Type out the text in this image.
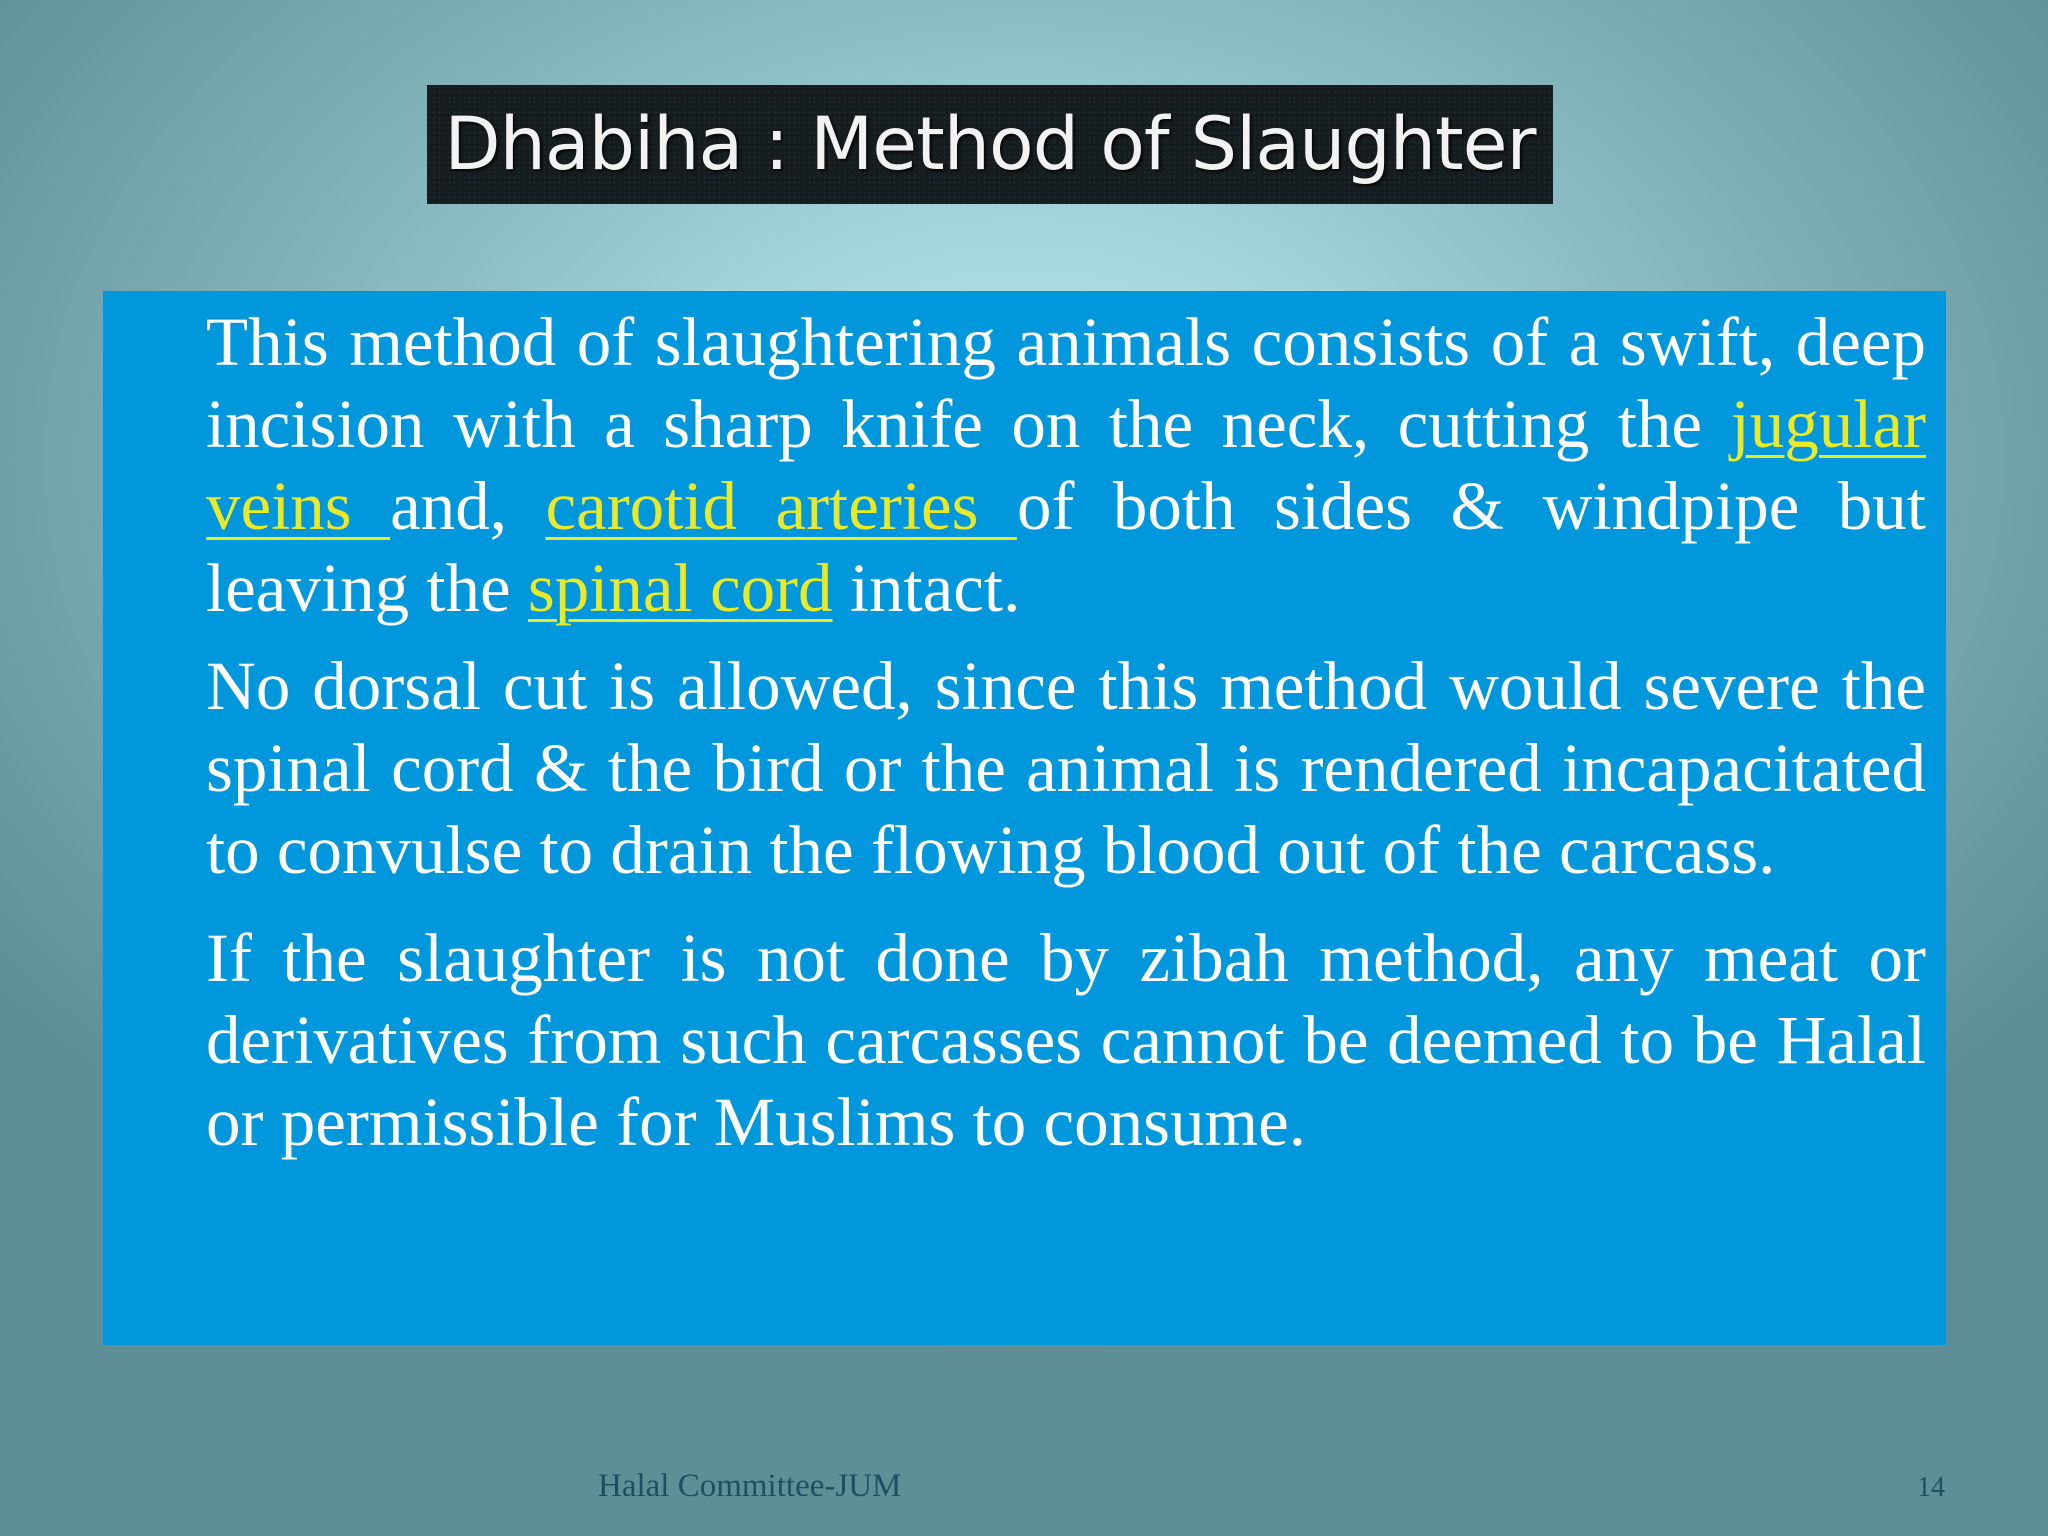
Dhabiha : Method of Slaughter

This method of slaughtering animals consists of a swift, deep incision with a sharp knife on the neck, cutting the jugular veins and, carotid arteries of both sides & windpipe but leaving the spinal cord intact.

No dorsal cut is allowed, since this method would severe the spinal cord & the bird or the animal is rendered incapacitated to convulse to drain the flowing blood out of the carcass.

If the slaughter is not done by zibah method, any meat or derivatives from such carcasses cannot be deemed to be Halal or permissible for Muslims to consume.

Halal Committee-JUM	14
